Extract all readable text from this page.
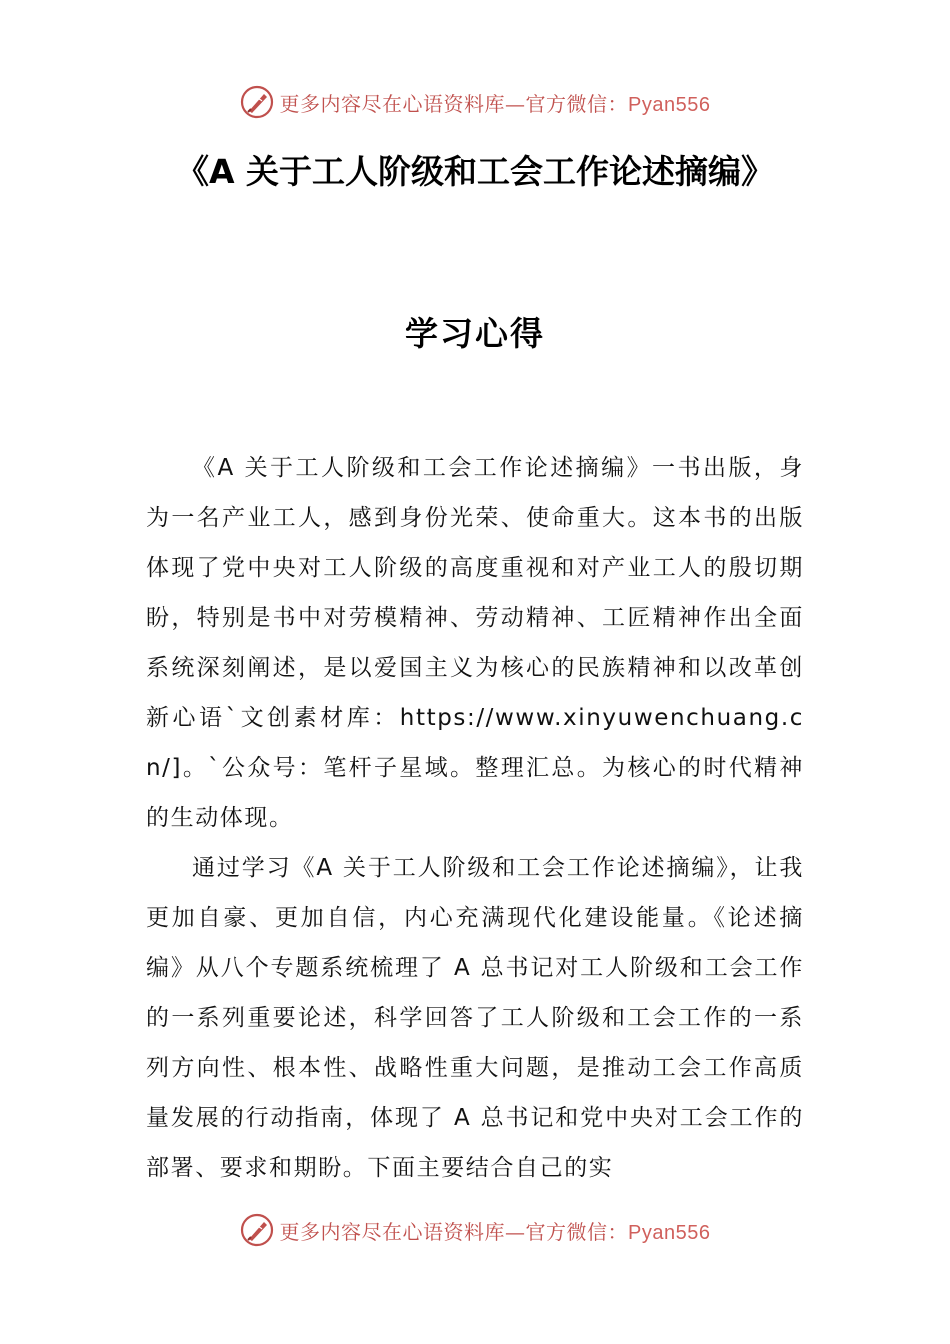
更多内容尽在心语资料库—官方微信：Pyan556
《A 关于工人阶级和工会工作论述摘编》
学习心得

《A 关于工人阶级和工会工作论述摘编》一书出版，身为一名产业工人，感到身份光荣、使命重大。这本书的出版体现了党中央对工人阶级的高度重视和对产业工人的殷切期盼，特别是书中对劳模精神、劳动精神、工匠精神作出全面系统深刻阐述，是以爱国主义为核心的民族精神和以改革创新心语`文创素材库：https://www.xinyuwenchuang.cn/]。`公众号：笔杆子星域。整理汇总。为核心的时代精神的生动体现。

通过学习《A 关于工人阶级和工会工作论述摘编》，让我更加自豪、更加自信，内心充满现代化建设能量。《论述摘编》从八个专题系统梳理了 A 总书记对工人阶级和工会工作的一系列重要论述，科学回答了工人阶级和工会工作的一系列方向性、根本性、战略性重大问题，是推动工会工作高质量发展的行动指南，体现了 A 总书记和党中央对工会工作的部署、要求和期盼。下面主要结合自己的实

更多内容尽在心语资料库—官方微信：Pyan556
